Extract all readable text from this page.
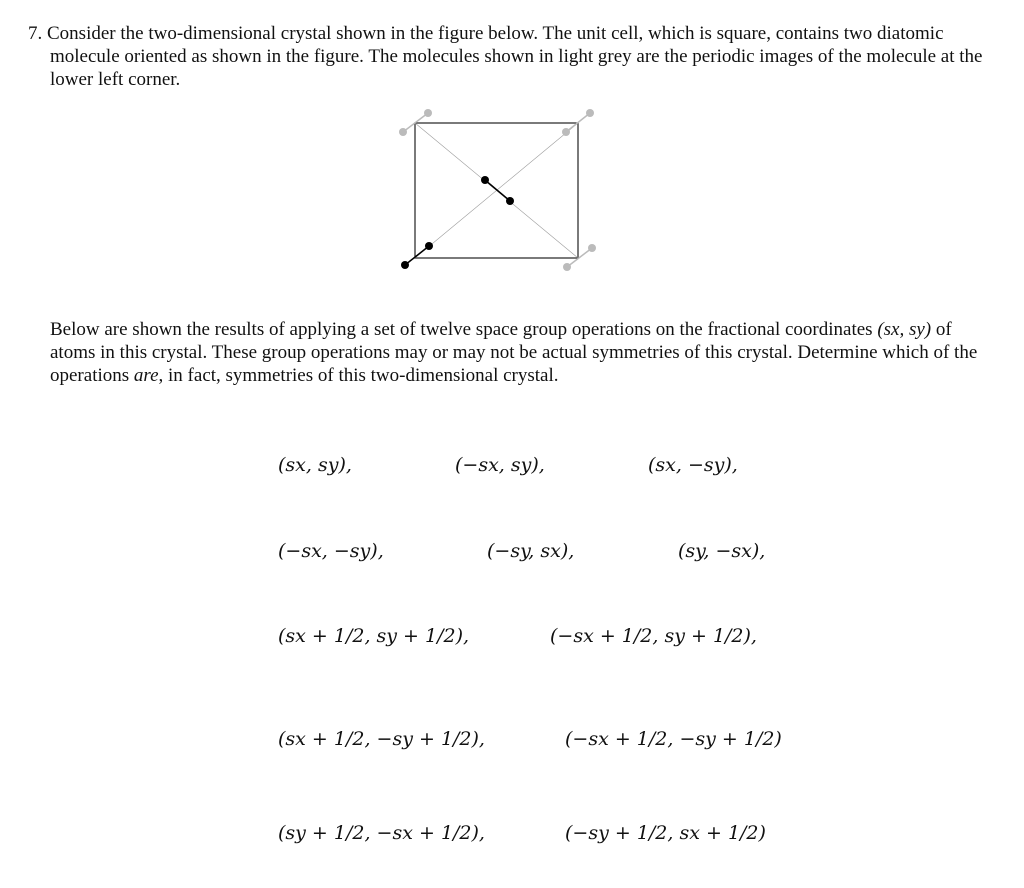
7. Consider the two-dimensional crystal shown in the figure below. The unit cell, which is square, contains two diatomic molecule oriented as shown in the figure. The molecules shown in light grey are the periodic images of the molecule at the lower left corner.
Below are shown the results of applying a set of twelve space group operations on the fractional coordinates (sx, sy) of atoms in this crystal. These group operations may or may not be actual symmetries of this crystal. Determine which of the operations are, in fact, symmetries of this two-dimensional crystal.
(sx, sy),	(−sx, sy),	(sx, −sy),
(−sx, −sy),	(−sy, sx),	(sy, −sx),
(sx + 1/2, sy + 1/2),	(−sx + 1/2, sy + 1/2),
(sx + 1/2, −sy + 1/2),	(−sx + 1/2, −sy + 1/2)
(sy + 1/2, −sx + 1/2),	(−sy + 1/2, sx + 1/2)
